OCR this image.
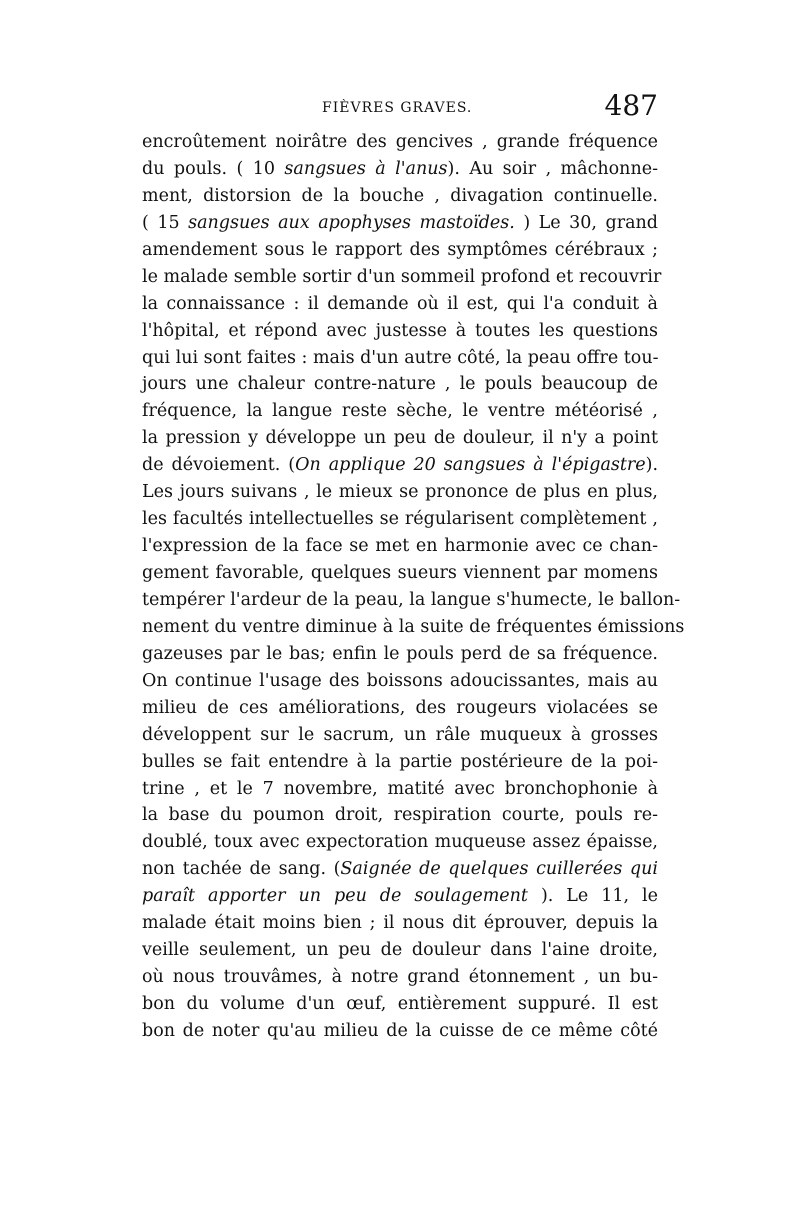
FIÈVRES GRAVES.	487
encroûtement noirâtre des gencives , grande fréquence
du pouls. ( 10 sangsues à l'anus). Au soir , mâchonne-
ment, distorsion de la bouche , divagation continuelle.
( 15 sangsues aux apophyses mastoïdes. ) Le 30, grand
amendement sous le rapport des symptômes cérébraux ;
le malade semble sortir d'un sommeil profond et recouvrir
la connaissance : il demande où il est, qui l'a conduit à
l'hôpital, et répond avec justesse à toutes les questions
qui lui sont faites : mais d'un autre côté, la peau offre tou-
jours une chaleur contre-nature , le pouls beaucoup de
fréquence, la langue reste sèche, le ventre météorisé ,
la pression y développe un peu de douleur, il n'y a point
de dévoiement. (On applique 20 sangsues à l'épigastre).
Les jours suivans , le mieux se prononce de plus en plus,
les facultés intellectuelles se régularisent complètement ,
l'expression de la face se met en harmonie avec ce chan-
gement favorable, quelques sueurs viennent par momens
tempérer l'ardeur de la peau, la langue s'humecte, le ballon-
nement du ventre diminue à la suite de fréquentes émissions
gazeuses par le bas; enfin le pouls perd de sa fréquence.
On continue l'usage des boissons adoucissantes, mais au
milieu de ces améliorations, des rougeurs violacées se
développent sur le sacrum, un râle muqueux à grosses
bulles se fait entendre à la partie postérieure de la poi-
trine , et le 7 novembre, matité avec bronchophonie à
la base du poumon droit, respiration courte, pouls re-
doublé, toux avec expectoration muqueuse assez épaisse,
non tachée de sang. (Saignée de quelques cuillerées qui
paraît apporter un peu de soulagement ). Le 11, le
malade était moins bien ; il nous dit éprouver, depuis la
veille seulement, un peu de douleur dans l'aine droite,
où nous trouvâmes, à notre grand étonnement , un bu-
bon du volume d'un œuf, entièrement suppuré. Il est
bon de noter qu'au milieu de la cuisse de ce même côté
